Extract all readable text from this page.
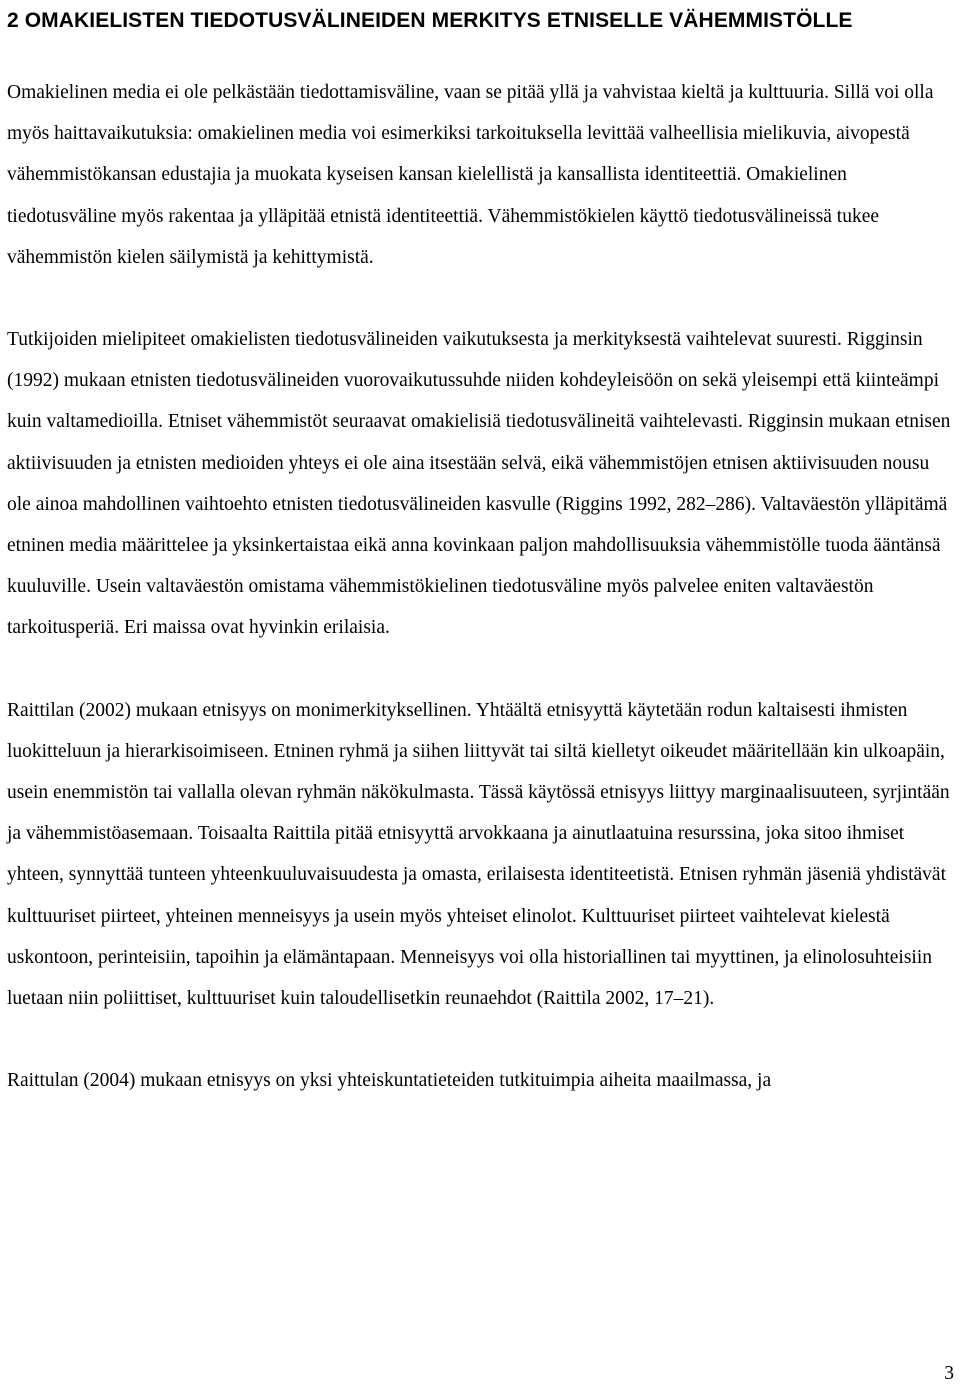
2 OMAKIELISTEN TIEDOTUSVÄLINEIDEN MERKITYS ETNISELLE VÄHEMMISTÖLLE

Omakielinen media ei ole pelkästään tiedottamisväline, vaan se pitää yllä ja vahvistaa kieltä ja kulttuuria. Sillä voi olla myös haittavaikutuksia: omakielinen media voi esimerkiksi tarkoituksella levittää valheellisia mielikuvia, aivopestä vähemmistökansan edustajia ja muokata kyseisen kansan kielellistä ja kansallista identiteettiä. Omakielinen tiedotusväline myös rakentaa ja ylläpitää etnistä identiteettiä. Vähemmistökielen käyttö tiedotusvälineissä tukee vähemmistön kielen säilymistä ja kehittymistä.

Tutkijoiden mielipiteet omakielisten tiedotusvälineiden vaikutuksesta ja merkityksestä vaihtelevat suuresti. Rigginsin (1992) mukaan etnisten tiedotusvälineiden vuorovaikutussuhde niiden kohdeyleisöön on sekä yleisempi että kiinteämpi kuin valtamedioilla. Etniset vähemmistöt seuraavat omakielisiä tiedotusvälineitä vaihtelevasti. Rigginsin mukaan etnisen aktiivisuuden ja etnisten medioiden yhteys ei ole aina itsestään selvä, eikä vähemmistöjen etnisen aktiivisuuden nousu ole ainoa mahdollinen vaihtoehto etnisten tiedotusvälineiden kasvulle (Riggins 1992, 282–286). Valtaväestön ylläpitämä etninen media määrittelee ja yksinkertaistaa eikä anna kovinkaan paljon mahdollisuuksia vähemmistölle tuoda ääntänsä kuuluville. Usein valtaväestön omistama vähemmistökielinen tiedotusväline myös palvelee eniten valtaväestön tarkoitusperiä. Eri maissa ovat hyvinkin erilaisia.

Raittilan (2002) mukaan etnisyys on monimerkityksellinen. Yhtäältä etnisyyttä käytetään rodun kaltaisesti ihmisten luokitteluun ja hierarkisoimiseen. Etninen ryhmä ja siihen liittyvät tai siltä kielletyt oikeudet määritellään kin ulkoapäin, usein enemmistön tai vallalla olevan ryhmän näkökulmasta. Tässä käytössä etnisyys liittyy marginaalisuuteen, syrjintään ja vähemmistöasemaan. Toisaalta Raittila pitää etnisyyttä arvokkaana ja ainutlaatuina resurssina, joka sitoo ihmiset yhteen, synnyttää tunteen yhteenkuuluvaisuudesta ja omasta, erilaisesta identiteetistä. Etnisen ryhmän jäseniä yhdistävät kulttuuriset piirteet, yhteinen menneisyys ja usein myös yhteiset elinolot. Kulttuuriset piirteet vaihtelevat kielestä uskontoon, perinteisiin, tapoihin ja elämäntapaan. Menneisyys voi olla historiallinen tai myyttinen, ja elinolosuhteisiin luetaan niin poliittiset, kulttuuriset kuin taloudellisetkin reunaehdot (Raittila 2002, 17–21).

Raittulan (2004) mukaan etnisyys on yksi yhteiskuntatieteiden tutkituimpia aiheita maailmassa, ja

3
